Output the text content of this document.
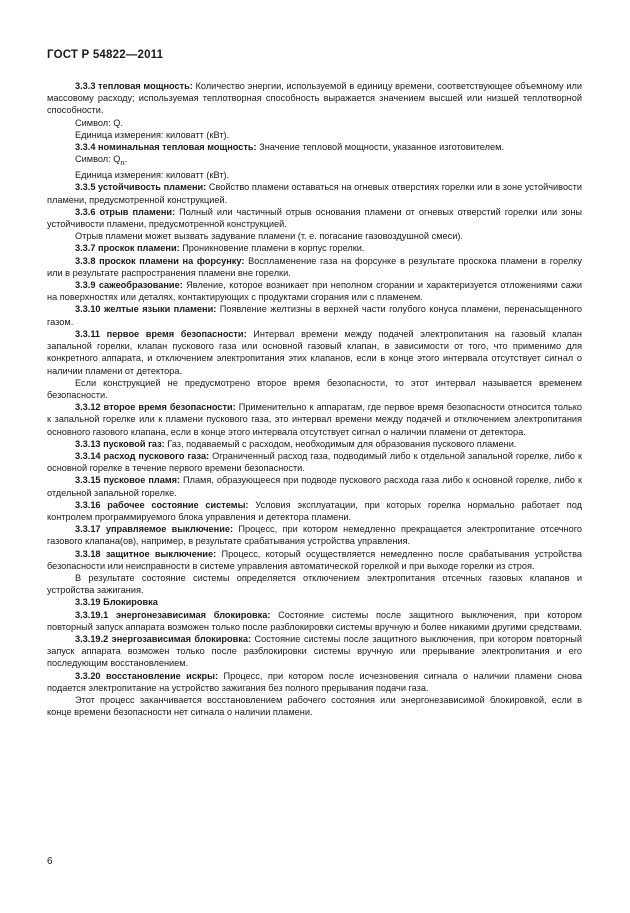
ГОСТ Р 54822—2011

3.3.3 тепловая мощность: Количество энергии, используемой в единицу времени, соответствующее объемному или массовому расходу; используемая теплотворная способность выражается значением высшей или низшей теплотворной способности.

Символ: Q.

Единица измерения: киловатт (кВт).

3.3.4 номинальная тепловая мощность: Значение тепловой мощности, указанное изготовителем.

Символ: $Q_n$.

Единица измерения: киловатт (кВт).

3.3.5 устойчивость пламени: Свойство пламени оставаться на огневых отверстиях горелки или в зоне устойчивости пламени, предусмотренной конструкцией.

3.3.6 отрыв пламени: Полный или частичный отрыв основания пламени от огневых отверстий горелки или зоны устойчивости пламени, предусмотренной конструкцией.

Отрыв пламени может вызвать задувание пламени (т. е. погасание газовоздушной смеси).

3.3.7 проскок пламени: Проникновение пламени в корпус горелки.

3.3.8 проскок пламени на форсунку: Воспламенение газа на форсунке в результате проскока пламени в горелку или в результате распространения пламени вне горелки.

3.3.9 сажеобразование: Явление, которое возникает при неполном сгорании и характеризуется отложениями сажи на поверхностях или деталях, контактирующих с продуктами сгорания или с пламенем.

3.3.10 желтые языки пламени: Появление желтизны в верхней части голубого конуса пламени, перенасыщенного газом.

3.3.11 первое время безопасности: Интервал времени между подачей электропитания на газовый клапан запальной горелки, клапан пускового газа или основной газовый клапан, в зависимости от того, что применимо для конкретного аппарата, и отключением электропитания этих клапанов, если в конце этого интервала отсутствует сигнал о наличии пламени от детектора.

Если конструкцией не предусмотрено второе время безопасности, то этот интервал называется временем безопасности.

3.3.12 второе время безопасности: Применительно к аппаратам, где первое время безопасности относится только к запальной горелке или к пламени пускового газа, это интервал времени между подачей и отключением электропитания основного газового клапана, если в конце этого интервала отсутствует сигнал о наличии пламени от детектора.

3.3.13 пусковой газ: Газ, подаваемый с расходом, необходимым для образования пускового пламени.

3.3.14 расход пускового газа: Ограниченный расход газа, подводимый либо к отдельной запальной горелке, либо к основной горелке в течение первого времени безопасности.

3.3.15 пусковое пламя: Пламя, образующееся при подводе пускового расхода газа либо к основной горелке, либо к отдельной запальной горелке.

3.3.16 рабочее состояние системы: Условия эксплуатации, при которых горелка нормально работает под контролем программируемого блока управления и детектора пламени.

3.3.17 управляемое выключение: Процесс, при котором немедленно прекращается электропитание отсечного газового клапана(ов), например, в результате срабатывания устройства управления.

3.3.18 защитное выключение: Процесс, который осуществляется немедленно после срабатывания устройства безопасности или неисправности в системе управления автоматической горелкой и при выходе горелки из строя.

В результате состояние системы определяется отключением электропитания отсечных газовых клапанов и устройства зажигания.

3.3.19 Блокировка

3.3.19.1 энергонезависимая блокировка: Состояние системы после защитного выключения, при котором повторный запуск аппарата возможен только после разблокировки системы вручную и более никакими другими средствами.

3.3.19.2 энергозависимая блокировка: Состояние системы после защитного выключения, при котором повторный запуск аппарата возможен только после разблокировки системы вручную или прерывание электропитания и его последующим восстановлением.

3.3.20 восстановление искры: Процесс, при котором после исчезновения сигнала о наличии пламени снова подается электропитание на устройство зажигания без полного прерывания подачи газа.

Этот процесс заканчивается восстановлением рабочего состояния или энергонезависимой блокировкой, если в конце времени безопасности нет сигнала о наличии пламени.

6
